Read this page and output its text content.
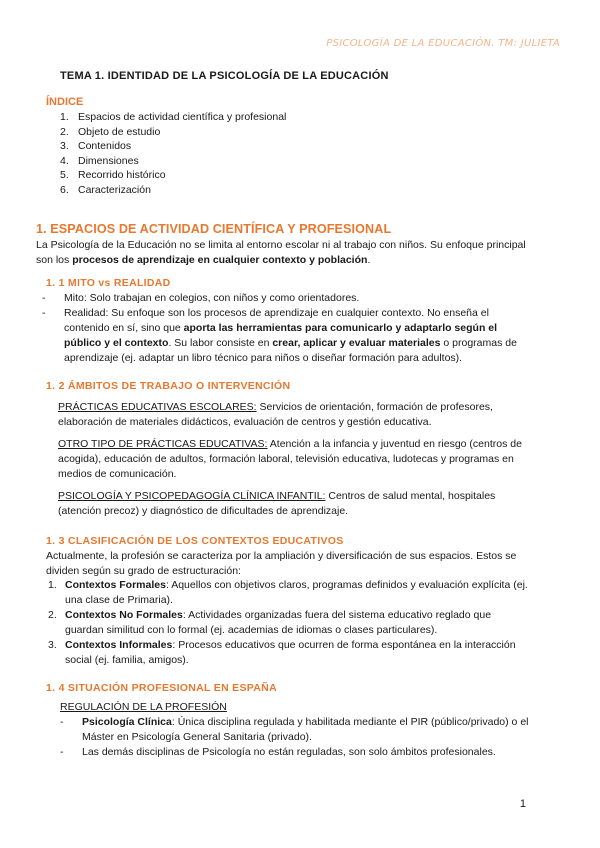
PSICOLOGÍA DE LA EDUCACIÓN. TM: JULIETA
TEMA 1. IDENTIDAD DE LA PSICOLOGÍA DE LA EDUCACIÓN
ÍNDICE
1. Espacios de actividad científica y profesional
2. Objeto de estudio
3. Contenidos
4. Dimensiones
5. Recorrido histórico
6. Caracterización
1. ESPACIOS DE ACTIVIDAD CIENTÍFICA Y PROFESIONAL
La Psicología de la Educación no se limita al entorno escolar ni al trabajo con niños. Su enfoque principal son los procesos de aprendizaje en cualquier contexto y población.
1. 1 MITO vs REALIDAD
- Mito: Solo trabajan en colegios, con niños y como orientadores.
- Realidad: Su enfoque son los procesos de aprendizaje en cualquier contexto. No enseña el contenido en sí, sino que aporta las herramientas para comunicarlo y adaptarlo según el público y el contexto. Su labor consiste en crear, aplicar y evaluar materiales o programas de aprendizaje (ej. adaptar un libro técnico para niños o diseñar formación para adultos).
1. 2 ÁMBITOS DE TRABAJO O INTERVENCIÓN
PRÁCTICAS EDUCATIVAS ESCOLARES: Servicios de orientación, formación de profesores, elaboración de materiales didácticos, evaluación de centros y gestión educativa.
OTRO TIPO DE PRÁCTICAS EDUCATIVAS: Atención a la infancia y juventud en riesgo (centros de acogida), educación de adultos, formación laboral, televisión educativa, ludotecas y programas en medios de comunicación.
PSICOLOGÍA Y PSICOPEDAGOGÍA CLÍNICA INFANTIL: Centros de salud mental, hospitales (atención precoz) y diagnóstico de dificultades de aprendizaje.
1. 3 CLASIFICACIÓN DE LOS CONTEXTOS EDUCATIVOS
Actualmente, la profesión se caracteriza por la ampliación y diversificación de sus espacios. Estos se dividen según su grado de estructuración:
1. Contextos Formales: Aquellos con objetivos claros, programas definidos y evaluación explícita (ej. una clase de Primaria).
2. Contextos No Formales: Actividades organizadas fuera del sistema educativo reglado que guardan similitud con lo formal (ej. academias de idiomas o clases particulares).
3. Contextos Informales: Procesos educativos que ocurren de forma espontánea en la interacción social (ej. familia, amigos).
1. 4 SITUACIÓN PROFESIONAL EN ESPAÑA
REGULACIÓN DE LA PROFESIÓN
- Psicología Clínica: Única disciplina regulada y habilitada mediante el PIR (público/privado) o el Máster en Psicología General Sanitaria (privado).
- Las demás disciplinas de Psicología no están reguladas, son solo ámbitos profesionales.
1
